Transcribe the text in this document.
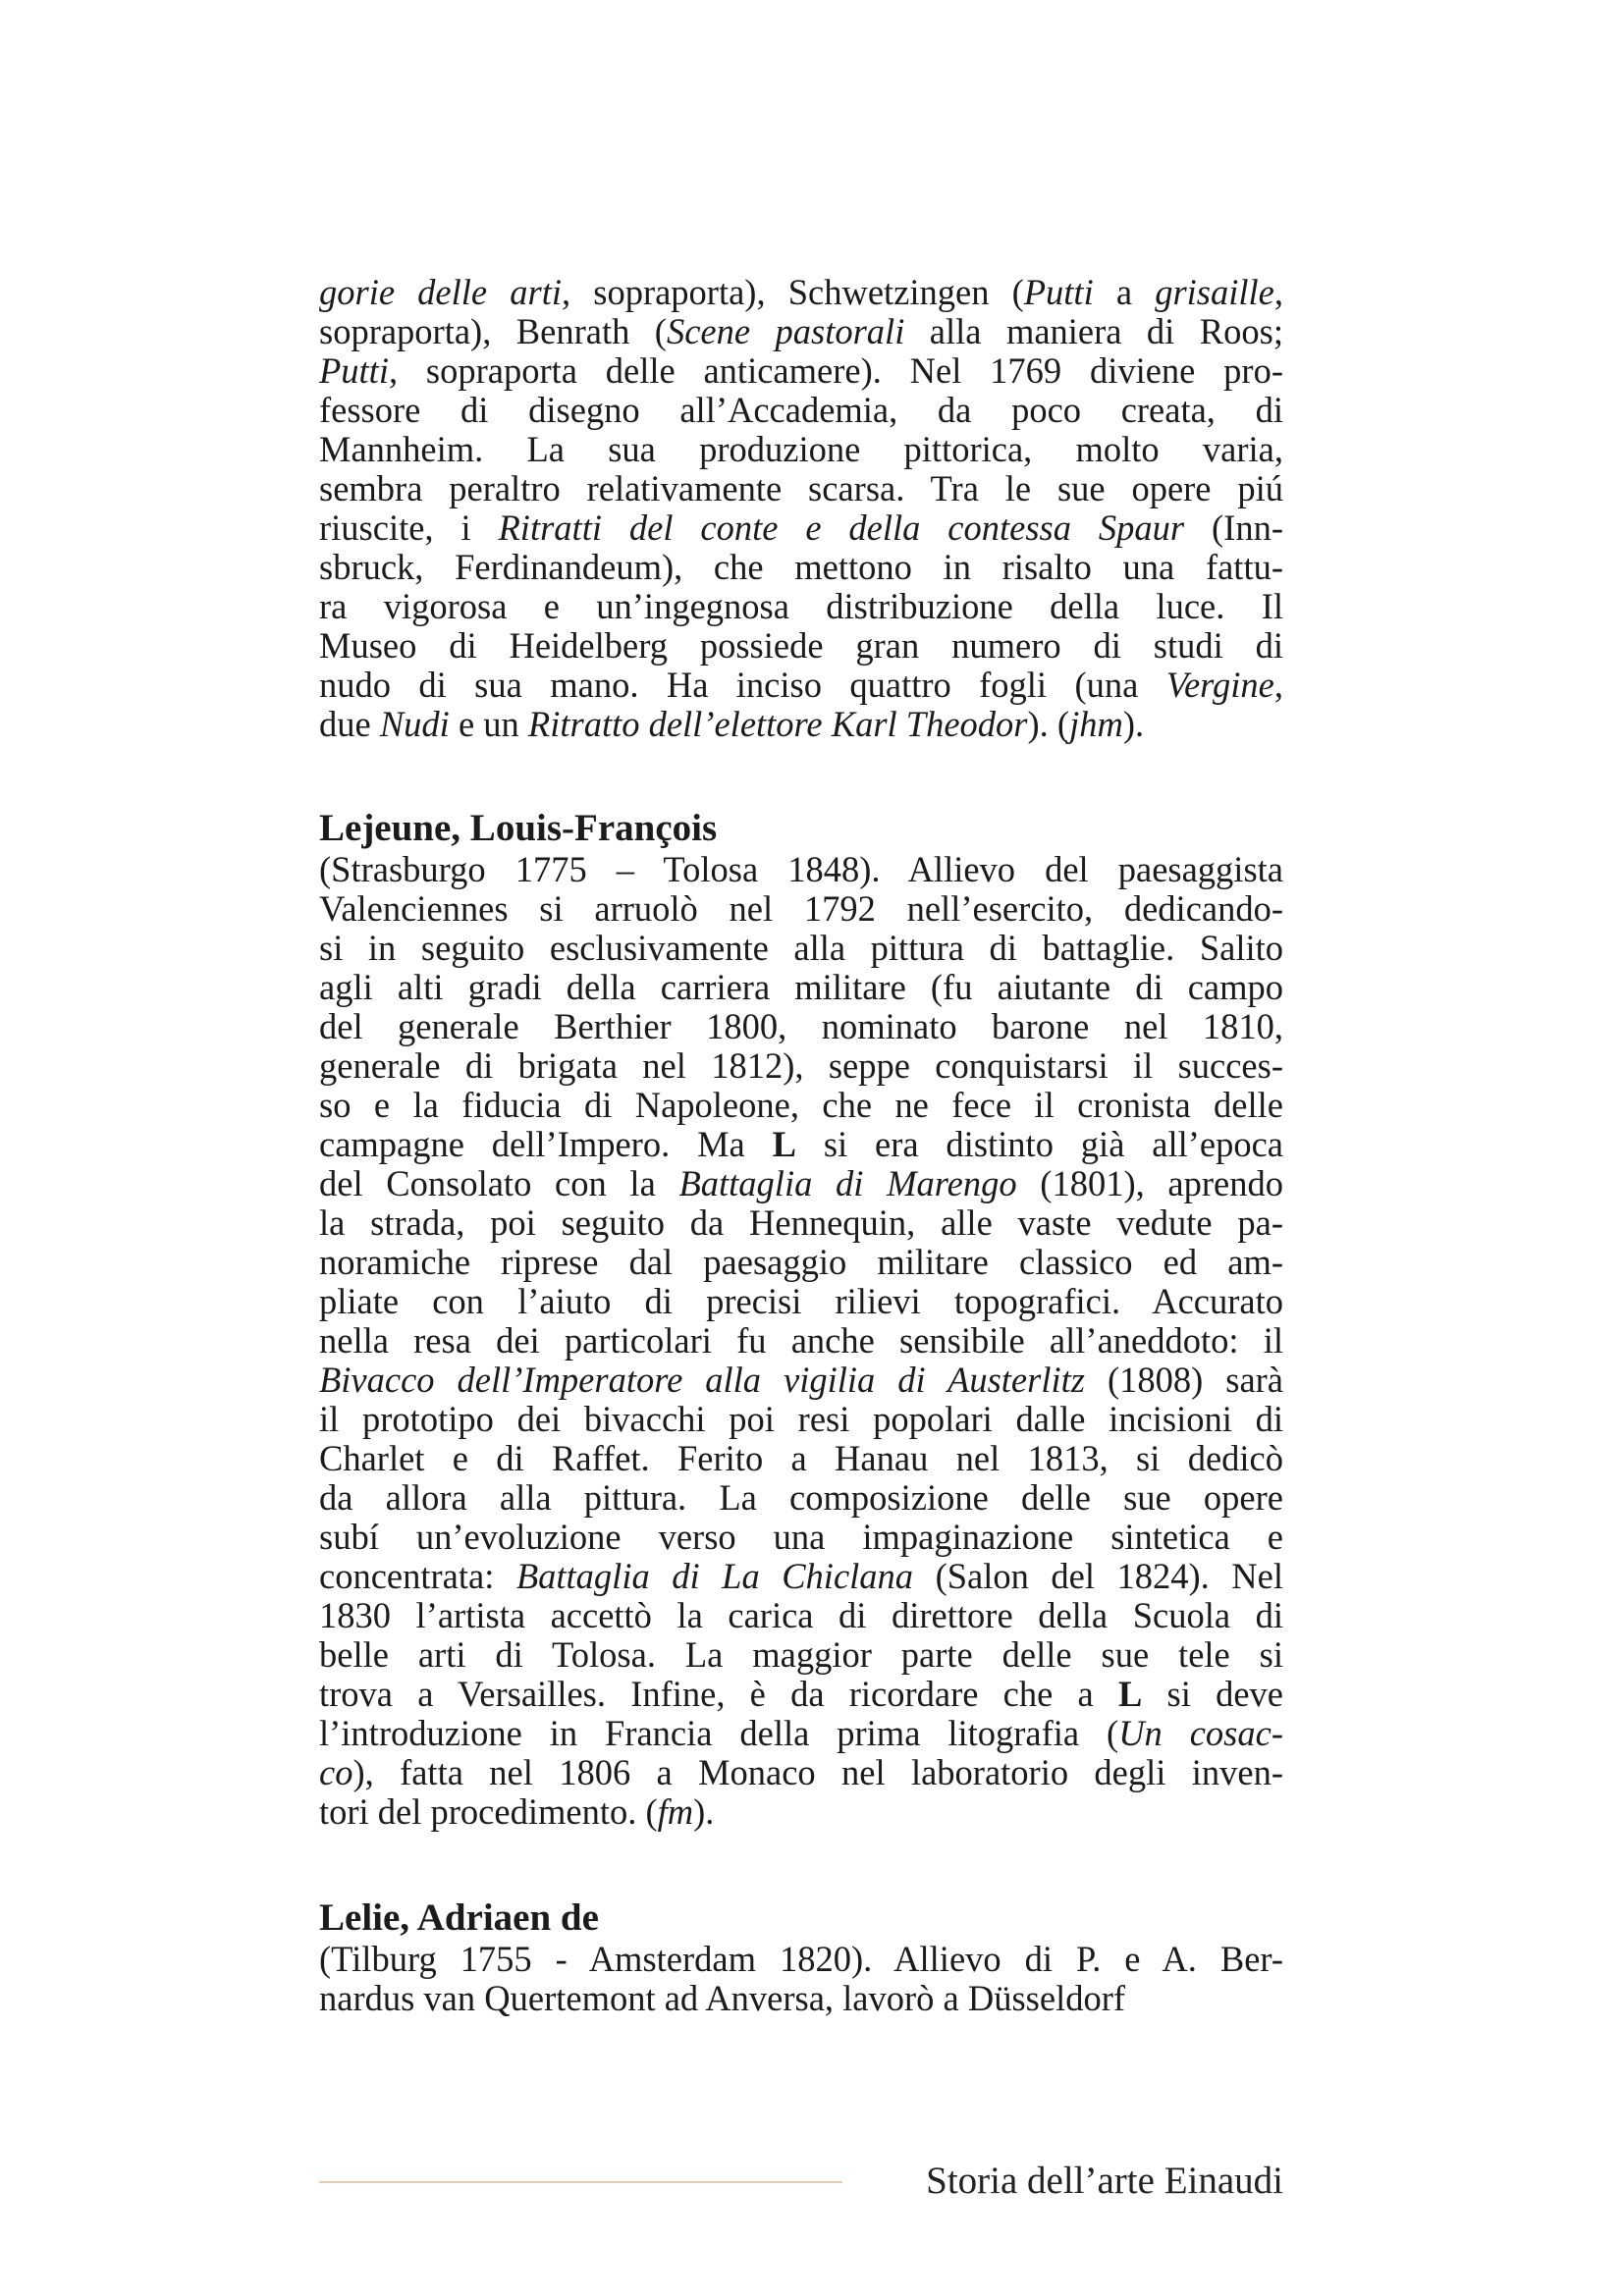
gorie delle arti, sopraporta), Schwetzingen (Putti a grisaille,
sopraporta), Benrath (Scene pastorali alla maniera di Roos;
Putti, sopraporta delle anticamere). Nel 1769 diviene pro-
fessore di disegno all’Accademia, da poco creata, di
Mannheim. La sua produzione pittorica, molto varia,
sembra peraltro relativamente scarsa. Tra le sue opere piú
riuscite, i Ritratti del conte e della contessa Spaur (Inn-
sbruck, Ferdinandeum), che mettono in risalto una fattu-
ra vigorosa e un’ingegnosa distribuzione della luce. Il
Museo di Heidelberg possiede gran numero di studi di
nudo di sua mano. Ha inciso quattro fogli (una Vergine,
due Nudi e un Ritratto dell’elettore Karl Theodor). (jhm).
Lejeune, Louis-François
(Strasburgo 1775 – Tolosa 1848). Allievo del paesaggista
Valenciennes si arruolò nel 1792 nell’esercito, dedicando-
si in seguito esclusivamente alla pittura di battaglie. Salito
agli alti gradi della carriera militare (fu aiutante di campo
del generale Berthier 1800, nominato barone nel 1810,
generale di brigata nel 1812), seppe conquistarsi il succes-
so e la fiducia di Napoleone, che ne fece il cronista delle
campagne dell’Impero. Ma L si era distinto già all’epoca
del Consolato con la Battaglia di Marengo (1801), aprendo
la strada, poi seguito da Hennequin, alle vaste vedute pa-
noramiche riprese dal paesaggio militare classico ed am-
pliate con l’aiuto di precisi rilievi topografici. Accurato
nella resa dei particolari fu anche sensibile all’aneddoto: il
Bivacco dell’Imperatore alla vigilia di Austerlitz (1808) sarà
il prototipo dei bivacchi poi resi popolari dalle incisioni di
Charlet e di Raffet. Ferito a Hanau nel 1813, si dedicò
da allora alla pittura. La composizione delle sue opere
subí un’evoluzione verso una impaginazione sintetica e
concentrata: Battaglia di La Chiclana (Salon del 1824). Nel
1830 l’artista accettò la carica di direttore della Scuola di
belle arti di Tolosa. La maggior parte delle sue tele si
trova a Versailles. Infine, è da ricordare che a L si deve
l’introduzione in Francia della prima litografia (Un cosac-
co), fatta nel 1806 a Monaco nel laboratorio degli inven-
tori del procedimento. (fm).
Lelie, Adriaen de
(Tilburg 1755 - Amsterdam 1820). Allievo di P. e A. Ber-
nardus van Quertemont ad Anversa, lavorò a Düsseldorf
Storia dell’arte Einaudi
